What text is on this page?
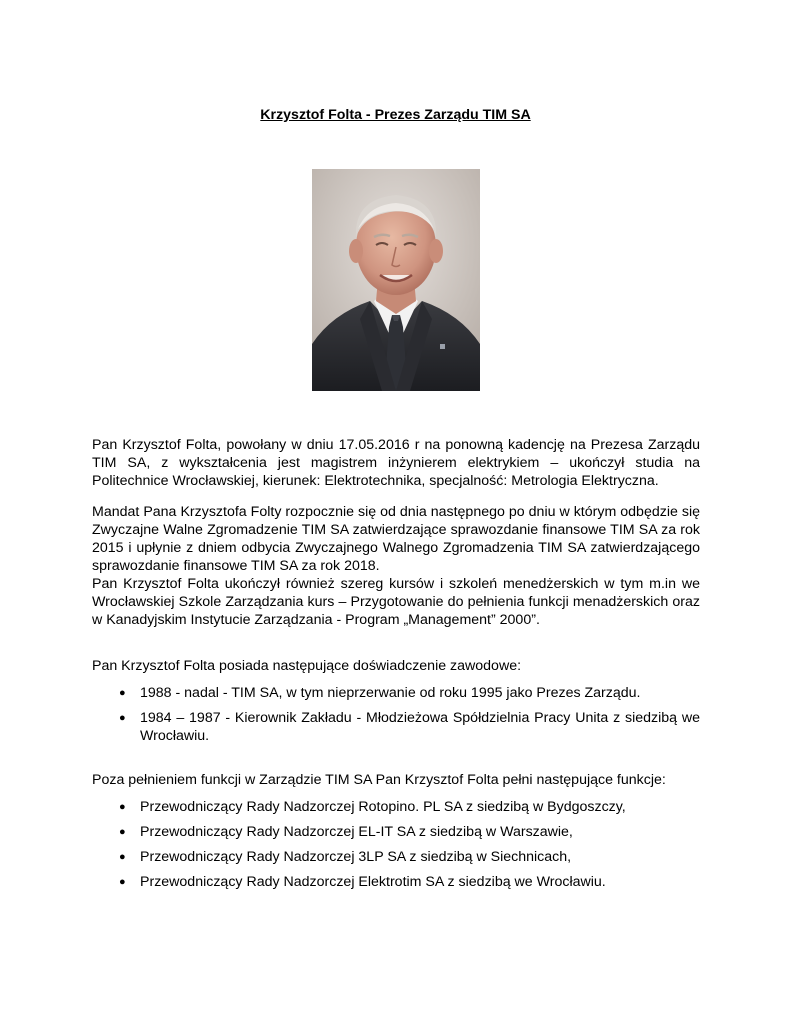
Krzysztof Folta - Prezes Zarządu TIM SA
Pan Krzysztof Folta, powołany w dniu 17.05.2016 r na ponowną kadencję na Prezesa Zarządu TIM SA, z wykształcenia jest magistrem inżynierem elektrykiem – ukończył studia na Politechnice Wrocławskiej, kierunek: Elektrotechnika, specjalność: Metrologia Elektryczna.
Mandat Pana Krzysztofa Folty rozpocznie się od dnia następnego po dniu w którym odbędzie się Zwyczajne Walne Zgromadzenie TIM SA zatwierdzające sprawozdanie finansowe TIM SA za rok 2015 i upłynie z dniem odbycia Zwyczajnego Walnego Zgromadzenia TIM SA zatwierdzającego sprawozdanie finansowe TIM SA za rok 2018.
Pan Krzysztof Folta ukończył również szereg kursów i szkoleń menedżerskich w tym m.in we Wrocławskiej Szkole Zarządzania kurs – Przygotowanie do pełnienia funkcji menadżerskich oraz w Kanadyjskim Instytucie Zarządzania - Program „Management” 2000”.
Pan Krzysztof Folta posiada następujące doświadczenie zawodowe:
● 1988 - nadal - TIM SA, w tym nieprzerwanie od roku 1995 jako Prezes Zarządu.
● 1984 – 1987 - Kierownik Zakładu - Młodzieżowa Spółdzielnia Pracy Unita z siedzibą we Wrocławiu.
Poza pełnieniem funkcji w Zarządzie TIM SA Pan Krzysztof Folta pełni następujące funkcje:
● Przewodniczący Rady Nadzorczej Rotopino. PL SA z siedzibą w Bydgoszczy,
● Przewodniczący Rady Nadzorczej EL-IT SA z siedzibą w Warszawie,
● Przewodniczący Rady Nadzorczej 3LP SA z siedzibą w Siechnicach,
● Przewodniczący Rady Nadzorczej Elektrotim SA z siedzibą we Wrocławiu.
